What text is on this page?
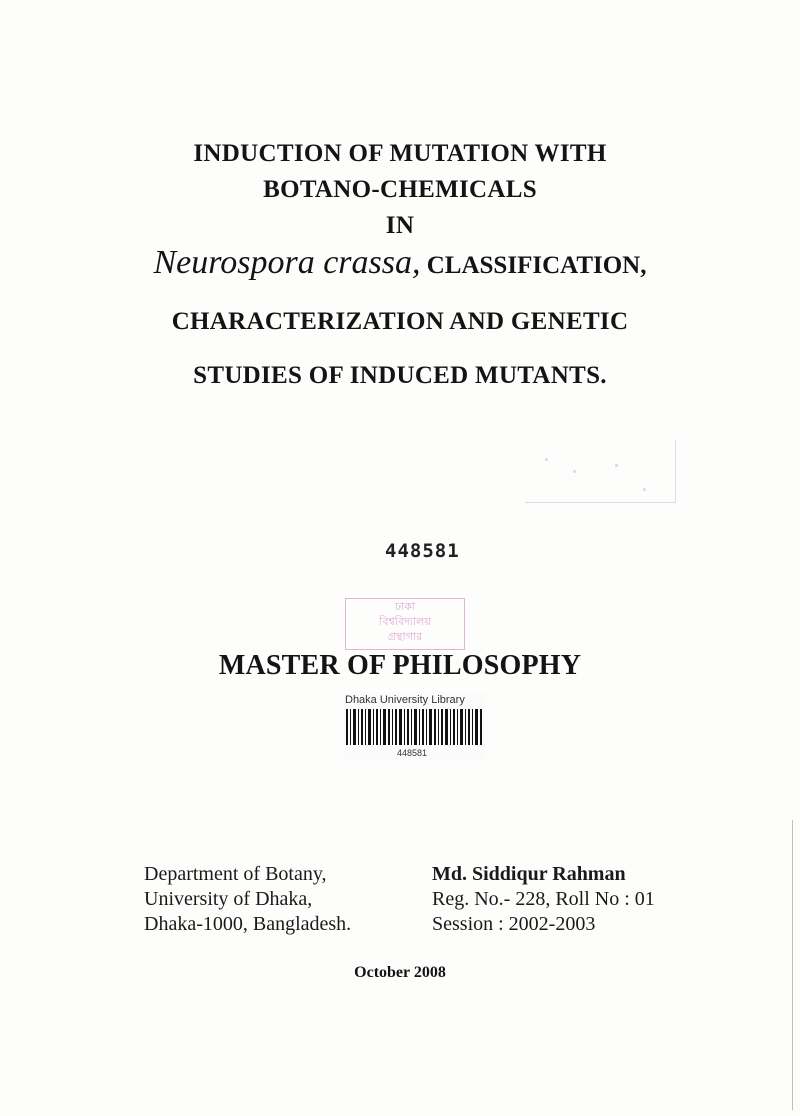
INDUCTION OF MUTATION WITH
BOTANO-CHEMICALS
IN
Neurospora crassa, CLASSIFICATION,
CHARACTERIZATION AND GENETIC
STUDIES OF INDUCED MUTANTS.
448581
ঢাকা
বিশ্ববিদ্যালয়
গ্রন্থাগার
MASTER OF PHILOSOPHY
Dhaka University Library
448581
Department of Botany,
University of Dhaka,
Dhaka-1000, Bangladesh.
Md. Siddiqur Rahman
Reg. No.- 228, Roll No : 01
Session : 2002-2003
October 2008
